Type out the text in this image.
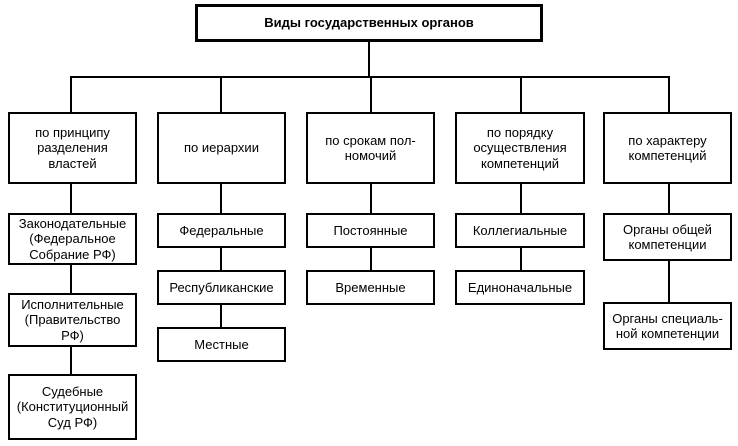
Виды государственных органов
по принципу разделения властей
по иерархии
по срокам пол-номочий
по порядку осуществления компетенций
по характеру компетенций
Законодательные (Федеральное Собрание РФ)
Исполнительные (Правительство РФ)
Судебные (Конституционный Суд РФ)
Федеральные
Республиканские
Местные
Постоянные
Временные
Коллегиальные
Единоначальные
Органы общей компетенции
Органы специаль-ной компетенции
